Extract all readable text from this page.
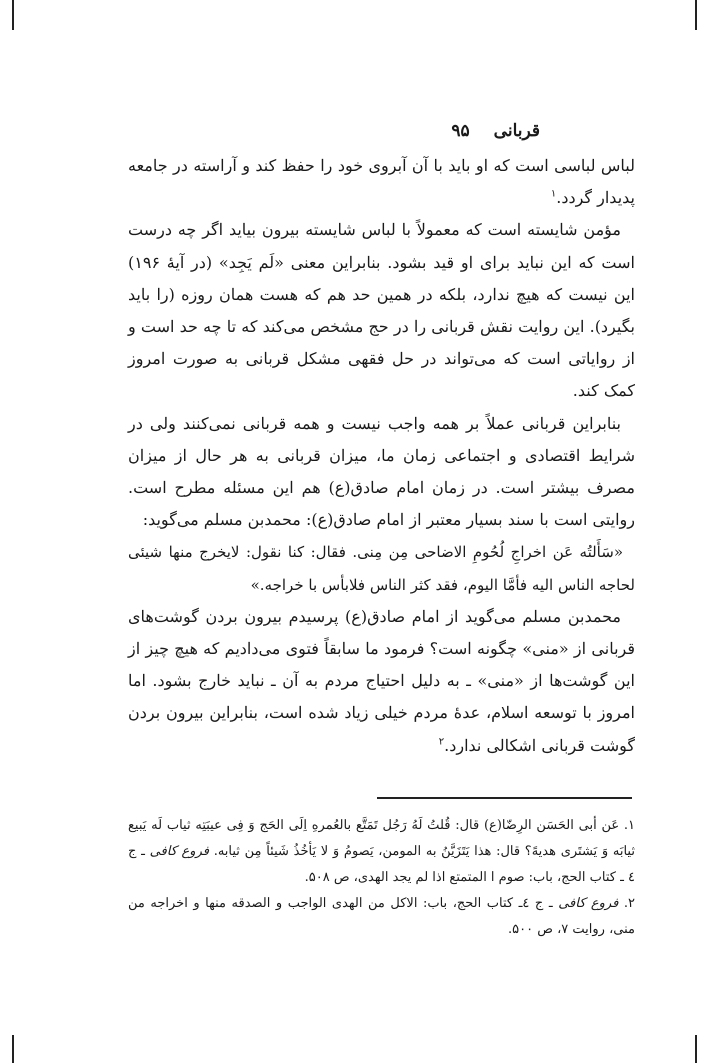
قربانی
۹۵

لباس لباسی است که او باید با آن آبروی خود را حفظ کند و آراسته در جامعه پدیدار گردد.$^۱$

مؤمن شایسته است که معمولاً با لباس شایسته بیرون بیاید اگر چه درست است که این نباید برای او قید بشود. بنابراین معنی «لَم یَجِد» (در آیهٔ ۱۹۶) این نیست که هیچ ندارد، بلکه در همین حد هم که هست همان روزه (را باید بگیرد). این روایت نقش قربانی را در حج مشخص می‌کند که تا چه حد است و از روایاتی است که می‌تواند در حل فقهی مشکل قربانی به صورت امروز کمک کند.

بنابراین قربانی عملاً بر همه واجب نیست و همه قربانی نمی‌کنند ولی در شرایط اقتصادی و اجتماعی زمان ما، میزان قربانی به هر حال از میزان مصرف بیشتر است. در زمان امام صادق(ع) هم این مسئله مطرح است. روایتی است با سند بسیار معتبر از امام صادق(ع): محمدبن مسلم می‌گوید:

«سَأَلتُه عَن اخراجِ لُحُومِ الاضاحی مِن مِنی. فقال: کنا نقول: لایخرج منها شیئی لحاجه الناس الیه فأمَّا الیوم، فقد کثر الناس فلابأس با خراجه.»

محمدبن مسلم می‌گوید از امام صادق(ع) پرسیدم بیرون بردن گوشت‌های قربانی از «منی» چگونه است؟ فرمود ما سابقاً فتوی می‌دادیم که هیچ چیز از این گوشت‌ها از «منی» ـ به دلیل احتیاج مردم به آن ـ نباید خارج بشود. اما امروز با توسعه اسلام، عدهٔ مردم خیلی زیاد شده است، بنابراین بیرون بردن گوشت قربانی اشکالی ندارد.$^۲$

۱. عَن أبی الحَسَن الرِضّا(ع) قال: قُلتُ لَهُ رَجُل تَمَتَّع بالعُمرهِ اِلَی الحَج وَ فِی عیبَتِه ثیاب لَه یَبیع ثیابَه وَ یَشتَری هدیهً؟ قال: هذا یَتَزَیَّنُ به المومن، یَصومُ وَ لا یَأخُذُ شَیئاً مِن ثیابه. فروع کافی ـ ج ٤ ـ کتاب الحج، باب: صوم ا المتمتع اذا لم یجد الهدی، ص ۵۰۸.

۲. فروع کافی ـ ج ٤ـ کتاب الحج، باب: الاکل من الهدی الواجب و الصدقه منها و اخراجه من منی، روایت ۷، ص ۵۰۰.
